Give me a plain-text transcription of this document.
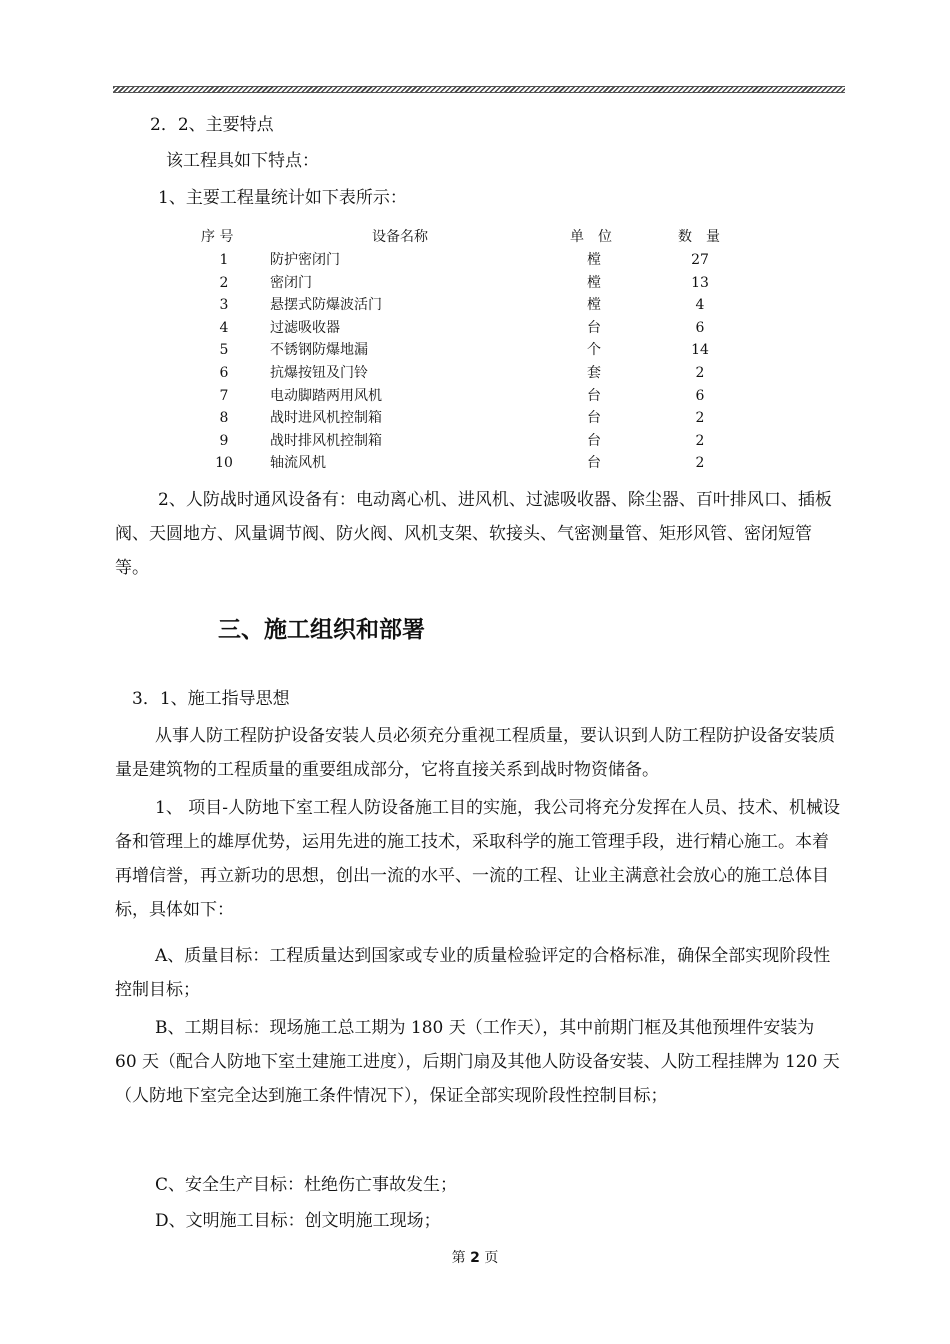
2．2、主要特点
该工程具如下特点：
1、主要工程量统计如下表所示：
序 号	设备名称	单　位	数　量
1	防护密闭门	樘	27
2	密闭门	樘	13
3	悬摆式防爆波活门	樘	4
4	过滤吸收器	台	6
5	不锈钢防爆地漏	个	14
6	抗爆按钮及门铃	套	2
7	电动脚踏两用风机	台	6
8	战时进风机控制箱	台	2
9	战时排风机控制箱	台	2
10	轴流风机	台	2
2、人防战时通风设备有：电动离心机、进风机、过滤吸收器、除尘器、百叶排风口、插板阀、天圆地方、风量调节阀、防火阀、风机支架、软接头、气密测量管、矩形风管、密闭短管等。
三、施工组织和部署
3．1、施工指导思想
从事人防工程防护设备安装人员必须充分重视工程质量，要认识到人防工程防护设备安装质量是建筑物的工程质量的重要组成部分，它将直接关系到战时物资储备。
1、 项目-人防地下室工程人防设备施工目的实施，我公司将充分发挥在人员、技术、机械设备和管理上的雄厚优势，运用先进的施工技术，采取科学的施工管理手段，进行精心施工。本着再增信誉，再立新功的思想，创出一流的水平、一流的工程、让业主满意社会放心的施工总体目标，具体如下：
A、质量目标：工程质量达到国家或专业的质量检验评定的合格标准，确保全部实现阶段性控制目标；
B、工期目标：现场施工总工期为 180 天（工作天），其中前期门框及其他预埋件安装为 60 天（配合人防地下室土建施工进度），后期门扇及其他人防设备安装、人防工程挂牌为 120 天（人防地下室完全达到施工条件情况下），保证全部实现阶段性控制目标；
C、安全生产目标：杜绝伤亡事故发生；
D、文明施工目标：创文明施工现场；
第 2 页
